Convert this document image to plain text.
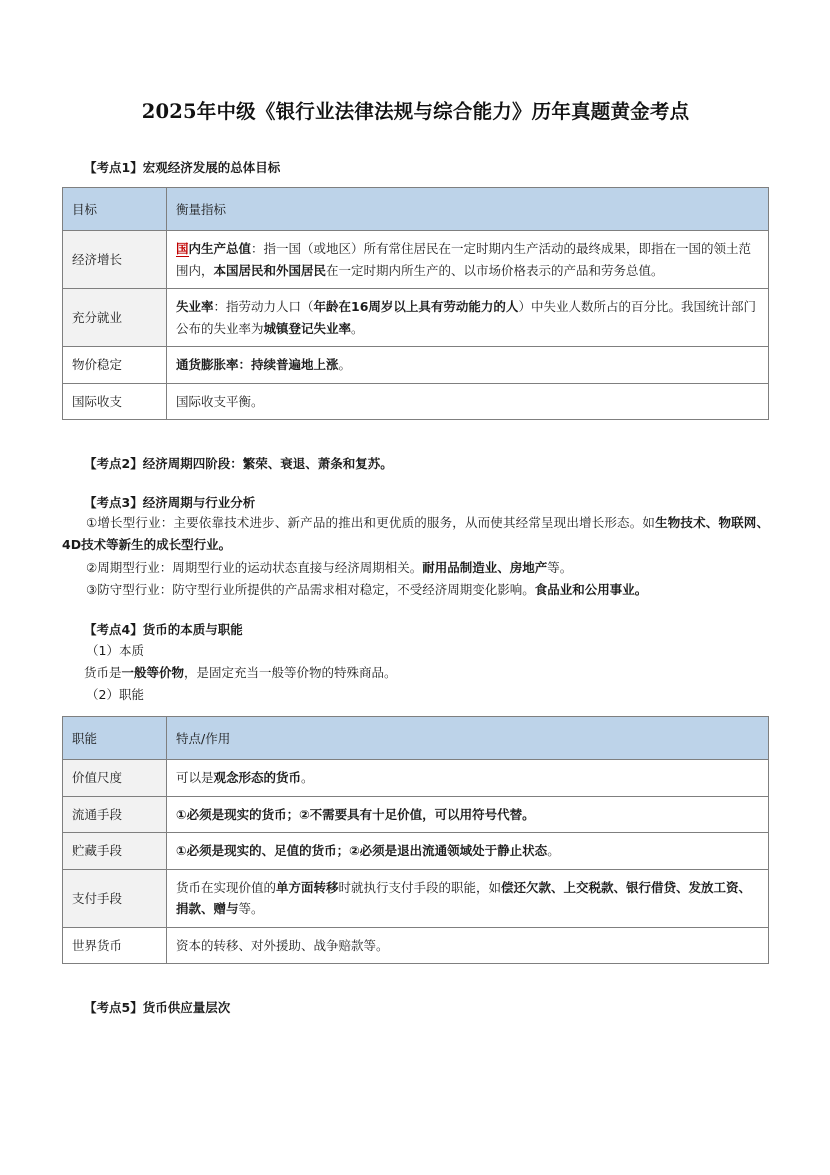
2025年中级《银行业法律法规与综合能力》历年真题黄金考点

【考点1】宏观经济发展的总体目标

目标	衡量指标
经济增长	国内生产总值：指一国（或地区）所有常住居民在一定时期内生产活动的最终成果，即指在一国的领土范围内，本国居民和外国居民在一定时期内所生产的、以市场价格表示的产品和劳务总值。
充分就业	失业率：指劳动力人口（年龄在16周岁以上具有劳动能力的人）中失业人数所占的百分比。我国统计部门公布的失业率为城镇登记失业率。
物价稳定	通货膨胀率：持续普遍地上涨。
国际收支	国际收支平衡。

【考点2】经济周期四阶段：繁荣、衰退、萧条和复苏。

【考点3】经济周期与行业分析

①增长型行业：主要依靠技术进步、新产品的推出和更优质的服务，从而使其经常呈现出增长形态。如生物技术、物联网、4D技术等新生的成长型行业。

②周期型行业：周期型行业的运动状态直接与经济周期相关。耐用品制造业、房地产等。

③防守型行业：防守型行业所提供的产品需求相对稳定，不受经济周期变化影响。食品业和公用事业。

【考点4】货币的本质与职能

（1）本质

货币是一般等价物，是固定充当一般等价物的特殊商品。

（2）职能

职能	特点/作用
价值尺度	可以是观念形态的货币。
流通手段	①必须是现实的货币；②不需要具有十足价值，可以用符号代替。
贮藏手段	①必须是现实的、足值的货币；②必须是退出流通领域处于静止状态。
支付手段	货币在实现价值的单方面转移时就执行支付手段的职能，如偿还欠款、上交税款、银行借贷、发放工资、捐款、赠与等。
世界货币	资本的转移、对外援助、战争赔款等。

【考点5】货币供应量层次
